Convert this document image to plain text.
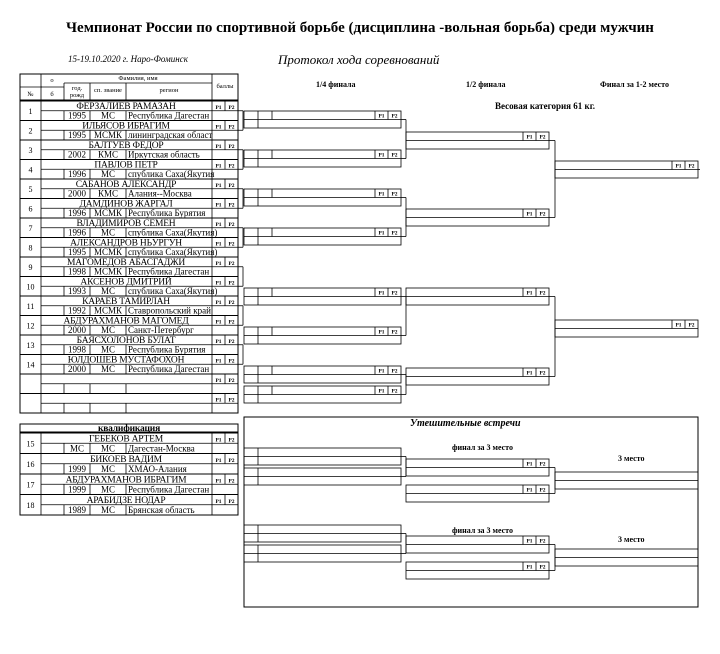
Чемпионат России по спортивной борьбе (дисциплина -вольная борьба) среди мужчин
15-19.10.2020 г. Наро-Фоминск	Протокол хода соревнований
1/4 финала	1/2 финала	Финал за 1-2 место
Весовая категория 61 кг.
Утешительные встречи
финал за 3 место
финал за 3 место
3 место
3 место
№
о
б
Фамилия, имя
год.
рожд
сп. звание	регион
баллы
1	ФЕРЗАЛИЕВ РАМАЗАН
1995 МС Республика Дагестан
P1 P2
2	ИЛЬЯСОВ ИБРАГИМ
1995 МСМК лининградская област
P1 P2
3	БАЛТУЕВ ФЕДОР
2002 КМС Иркутская область
P1 P2
4	ПАВЛОВ ПЕТР
1996 МС спублика Саха(Якутия
P1 P2
5	САБАНОВ АЛЕКСАНДР
2000 КМС Алания--Москва
P1 P2
6	ДАМДИНОВ ЖАРГАЛ
1996 МСМК Республика Бурятия
P1 P2
7	ВЛАДИМИРОВ СЕМЕН
1996 МС спублика Саха(Якутия)
P1 P2
8	АЛЕКСАНДРОВ НЬУРГУН
1995 МСМК спублика Саха(Якутия)
P1 P2
9	МАГОМЕДОВ АБАСГАДЖИ
1998 МСМК Республика Дагестан
P1 P2
10	АКСЕНОВ ДМИТРИЙ
1993 МС спублика Саха(Якутия)
P1 P2
11	КАРАЕВ ТАМИРЛАН
1992 МСМК Ставропольский край
P1 P2
12	АБДУРАХМАНОВ МАГОМЕД
2000 МС Санкт-Петербург
P1 P2
13	БАЯСХОЛОНОВ БУЛАТ
1998 МС Республика Бурятия
P1 P2
14	ЮЛДОШЕВ МУСТАФОХОН
2000 МС Республика Дагестан
P1 P2
P1 P2
P1 P2
квалификация
15	ГЕБЕКОВ АРТЕМ
МС МС Дагестан-Москва
P1 P2
16	БИКОЕВ ВАДИМ
1999 МС ХМАО-Алания
P1 P2
17	АБДУРАХМАНОВ ИБРАГИМ
1999 МС Республика Дагестан
P1 P2
18	АРАБИДЗЕ НОДАР
1989 МС Брянская область
P1 P2
P1 P2
P1 P2
P1 P2
P1 P2
P1 P2
P1 P2
P1 P2
P1 P2
P1 P2
P1 P2
P1 P2
P1 P2
P1 P2
P1 P2
P1 P2
P1 P2
P1 P2
P1 P2
